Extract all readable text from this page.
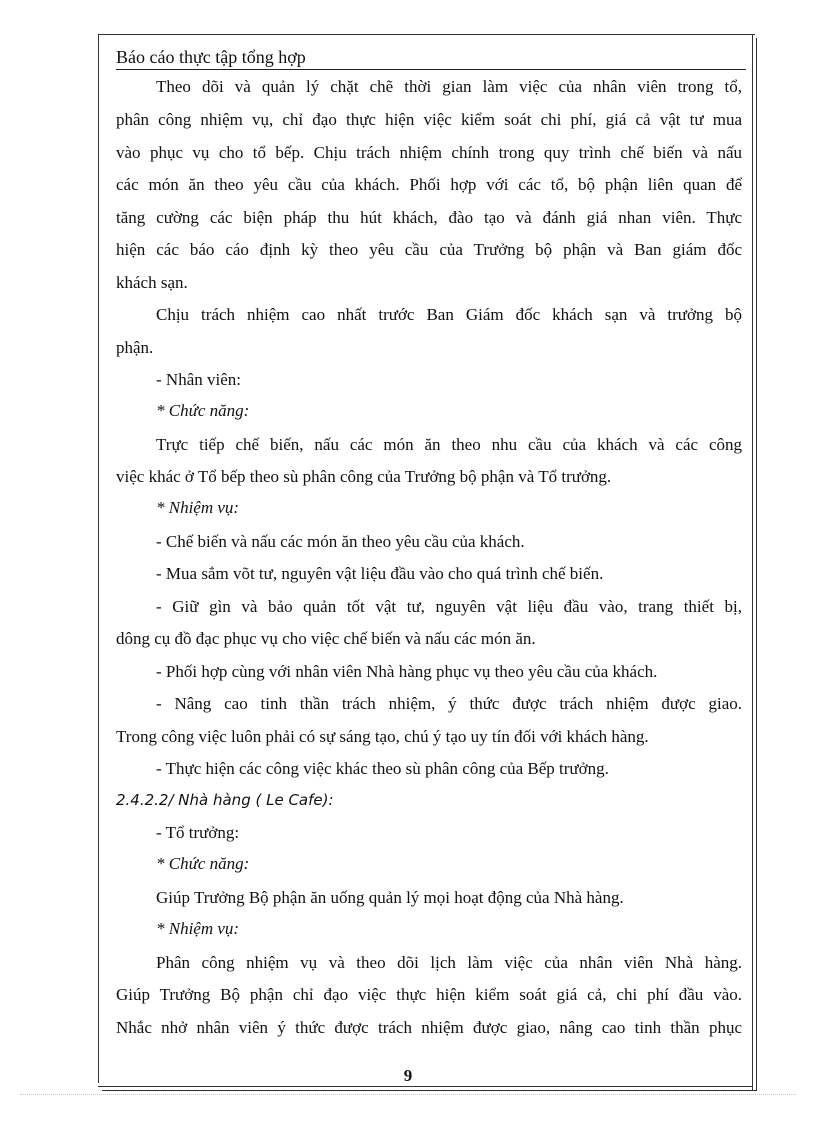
Báo cáo thực tập tổng hợp
Theo dõi và quản lý chặt chẽ thời gian làm việc của nhân viên trong tổ,
phân công nhiệm vụ, chỉ đạo thực hiện việc kiểm soát chi phí, giá cả vật tư mua
vào phục vụ cho tổ bếp. Chịu trách nhiệm chính trong quy trình chế biến và nấu
các món ăn theo yêu cầu của khách. Phối hợp với các tổ, bộ phận liên quan để
tăng cường các biện pháp thu hút khách, đào tạo và đánh giá nhan viên. Thực
hiện các báo cáo định kỳ theo yêu cầu của Trưởng bộ phận và Ban giám đốc
khách sạn.
Chịu trách nhiệm cao nhất trước Ban Giám đốc khách sạn và trưởng bộ
phận.
- Nhân viên:
* Chức năng:
Trực tiếp chế biến, nấu các món ăn theo nhu cầu của khách và các công
việc khác ở Tổ bếp theo sù phân công của Trưởng bộ phận và Tổ trưởng.
* Nhiệm vụ:
- Chế biến và nấu các món ăn theo yêu cầu của khách.
- Mua sắm võt tư, nguyên vật liệu đầu vào cho quá trình chế biến.
- Giữ gìn và bảo quản tốt vật tư, nguyên vật liệu đầu vào, trang thiết bị,
dông cụ đồ đạc phục vụ cho việc chế biến và nấu các món ăn.
- Phối hợp cùng với nhân viên Nhà hàng phục vụ theo yêu cầu của khách.
- Nâng cao tinh thần trách nhiệm, ý thức được trách nhiệm được giao.
Trong công việc luôn phải có sự sáng tạo, chú ý tạo uy tín đối với khách hàng.
- Thực hiện các công việc khác theo sù phân công của Bếp trưởng.
2.4.2.2/ Nhà hàng ( Le Cafe):
- Tổ trưởng:
* Chức năng:
Giúp Trưởng Bộ phận ăn uống quản lý mọi hoạt động của Nhà hàng.
* Nhiệm vụ:
Phân công nhiệm vụ và theo dõi lịch làm việc của nhân viên Nhà hàng.
Giúp Trưởng Bộ phận chỉ đạo việc thực hiện kiểm soát giá cả, chi phí đầu vào.
Nhắc nhở nhân viên ý thức được trách nhiệm được giao, nâng cao tinh thần phục
9
